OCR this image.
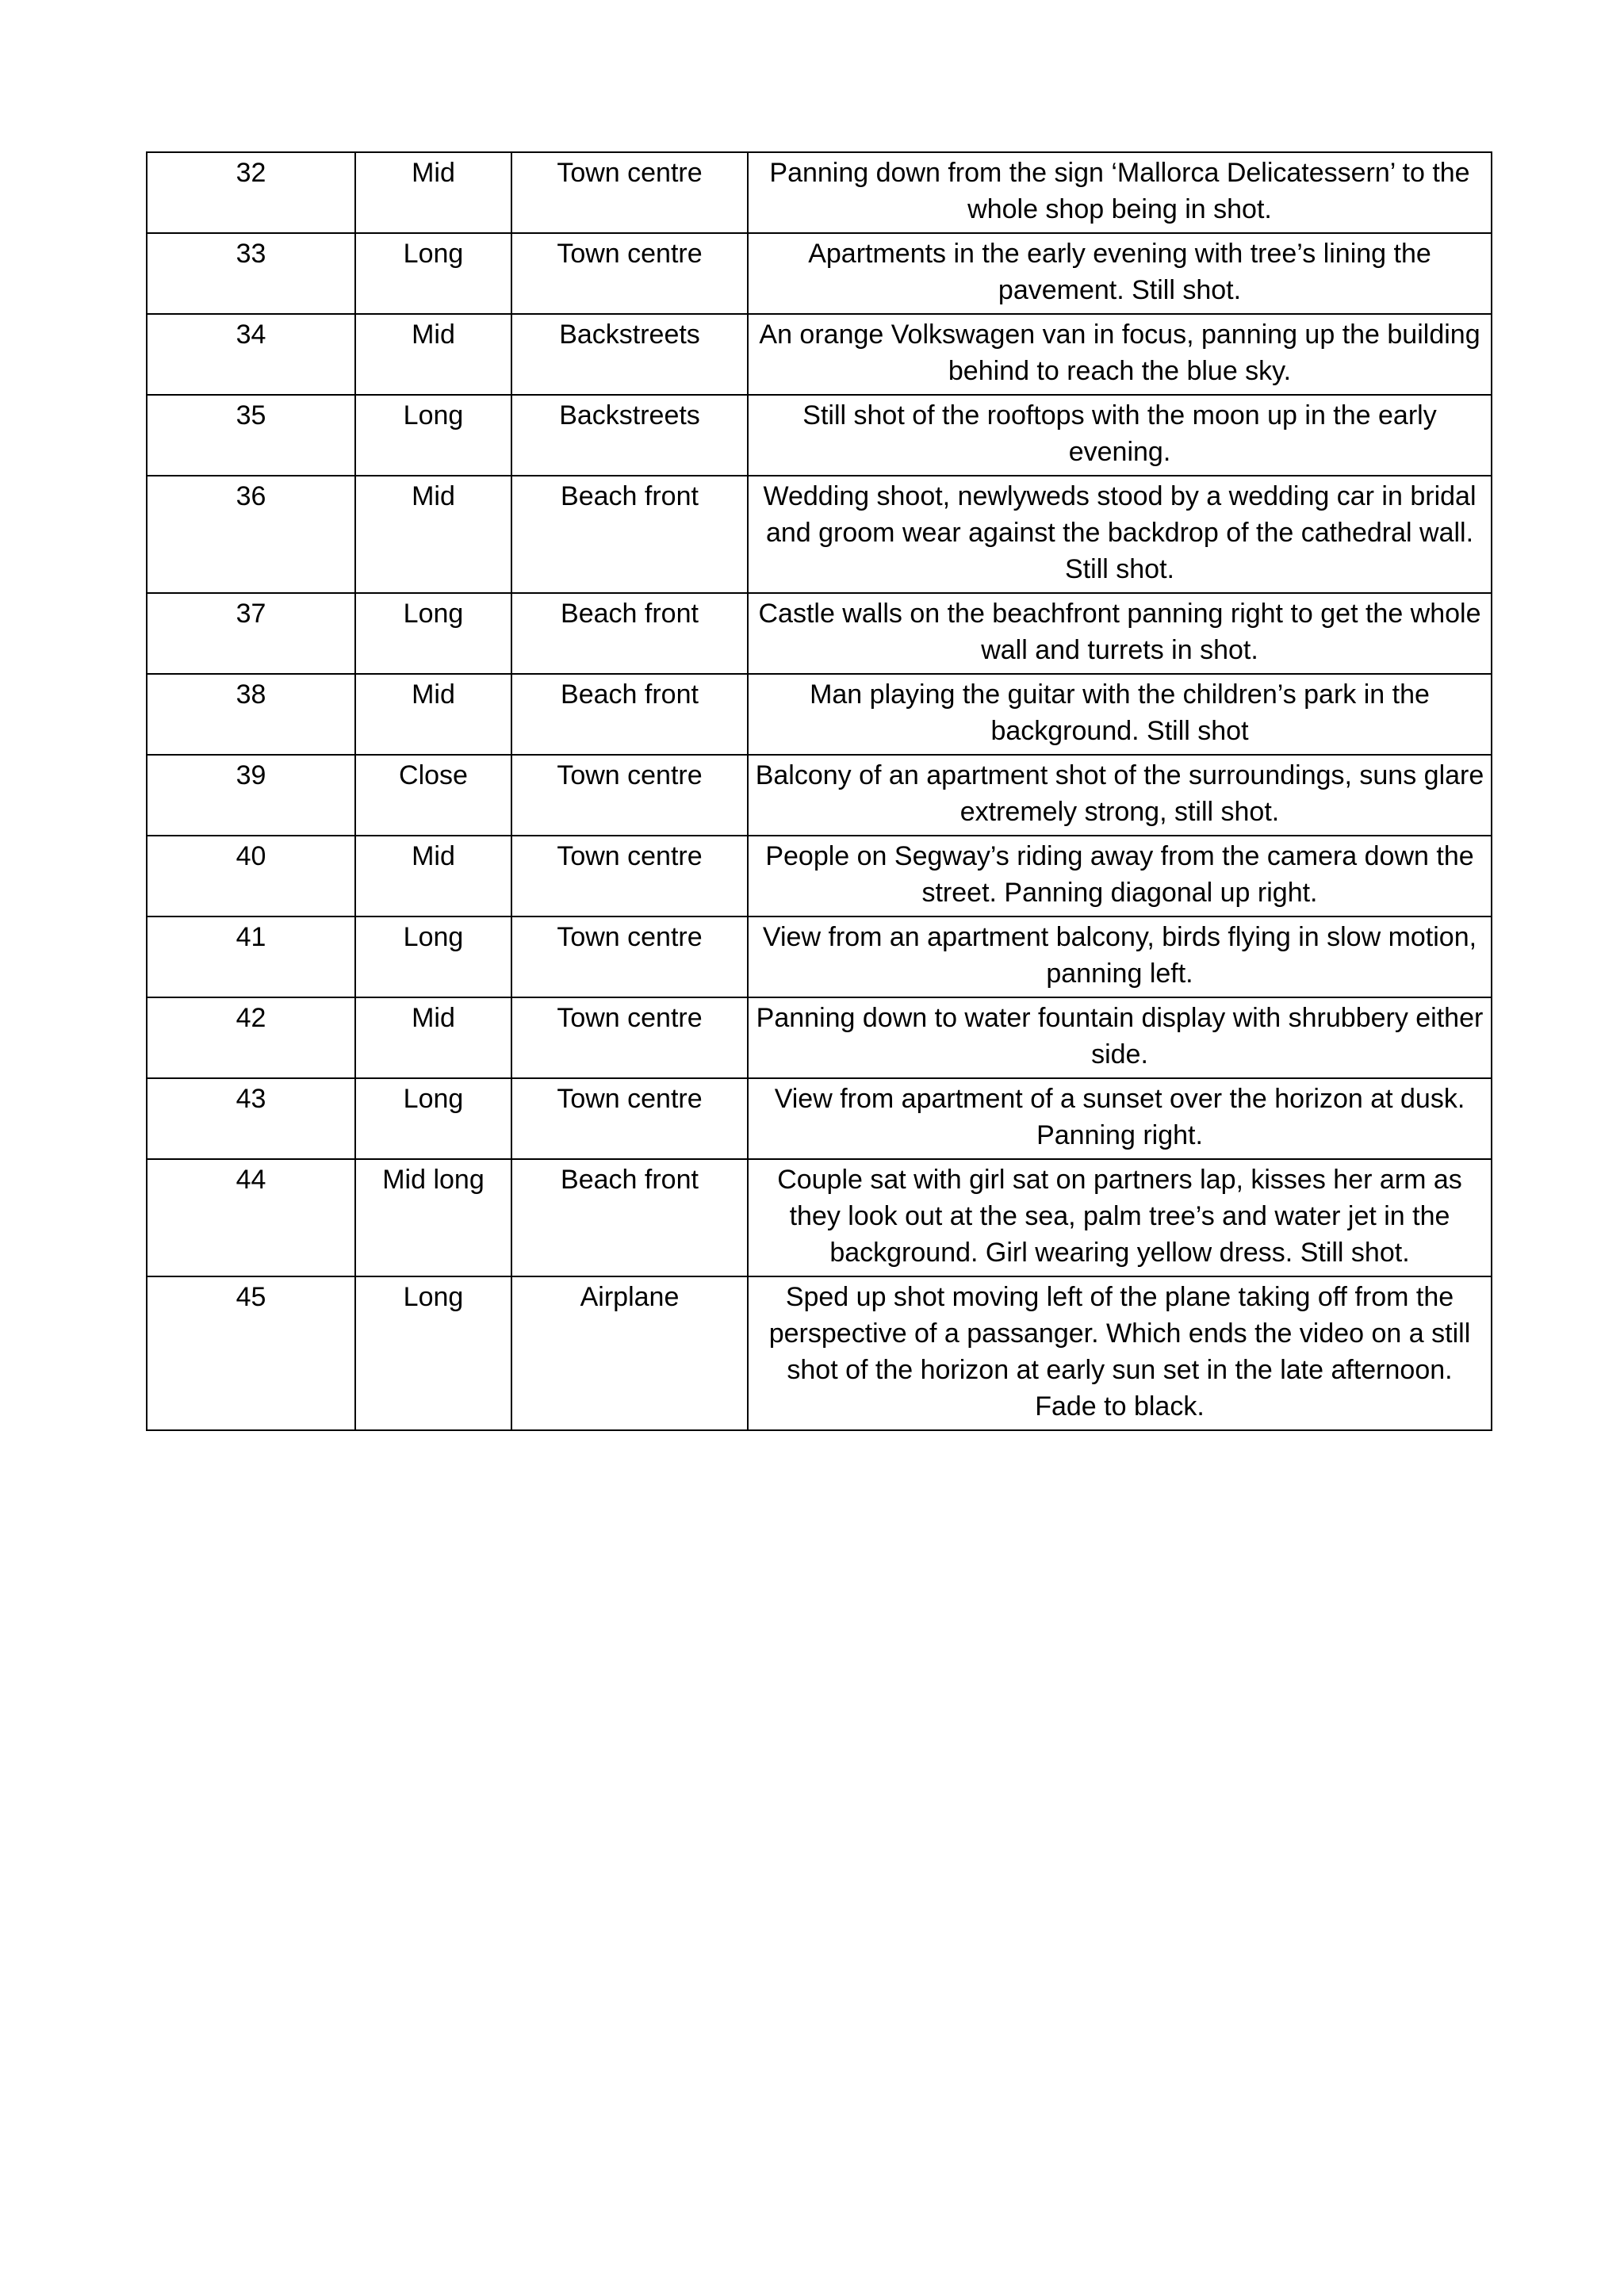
32	Mid	Town centre	Panning down from the sign ‘Mallorca Delicatessern’ to the whole shop being in shot.
33	Long	Town centre	Apartments in the early evening with tree’s lining the pavement. Still shot.
34	Mid	Backstreets	An orange Volkswagen van in focus, panning up the building behind to reach the blue sky.
35	Long	Backstreets	Still shot of the rooftops with the moon up in the early evening.
36	Mid	Beach front	Wedding shoot, newlyweds stood by a wedding car in bridal and groom wear against the backdrop of the cathedral wall. Still shot.
37	Long	Beach front	Castle walls on the beachfront panning right to get the whole wall and turrets in shot.
38	Mid	Beach front	Man playing the guitar with the children’s park in the background. Still shot
39	Close	Town centre	Balcony of an apartment shot of the surroundings, suns glare extremely strong, still shot.
40	Mid	Town centre	People on Segway’s riding away from the camera down the street. Panning diagonal up right.
41	Long	Town centre	View from an apartment balcony, birds flying in slow motion, panning left.
42	Mid	Town centre	Panning down to water fountain display with shrubbery either side.
43	Long	Town centre	View from apartment of a sunset over the horizon at dusk. Panning right.
44	Mid long	Beach front	Couple sat with girl sat on partners lap, kisses her arm as they look out at the sea, palm tree’s and water jet in the background. Girl wearing yellow dress. Still shot.
45	Long	Airplane	Sped up shot moving left of the plane taking off from the perspective of a passanger. Which ends the video on a still shot of the horizon at early sun set in the late afternoon. Fade to black.
